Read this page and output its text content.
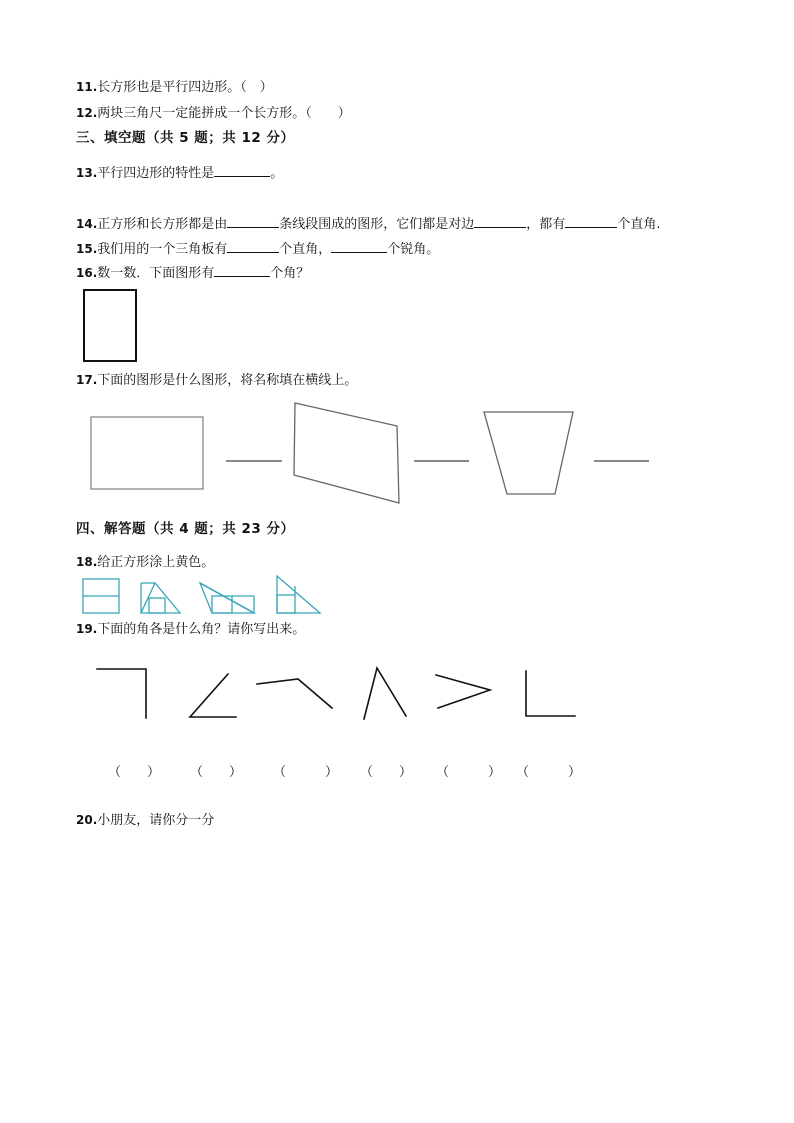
11.长方形也是平行四边形。（　）
12.两块三角尺一定能拼成一个长方形。（　　）
三、填空题（共 5 题；共 12 分）
13.平行四边形的特性是	。
14.正方形和长方形都是由	条线段围成的图形，它们都是对边	，都有	个直角.
15.我们用的一个三角板有	个直角，	个锐角。
16.数一数．下面图形有	个角？
17.下面的图形是什么图形，将名称填在横线上。
四、解答题（共 4 题；共 23 分）
18.给正方形涂上黄色。
19.下面的角各是什么角？请你写出来。
（　　） （　　） （　　　） （　　） （　　　） （　　　）
20.小朋友，请你分一分
